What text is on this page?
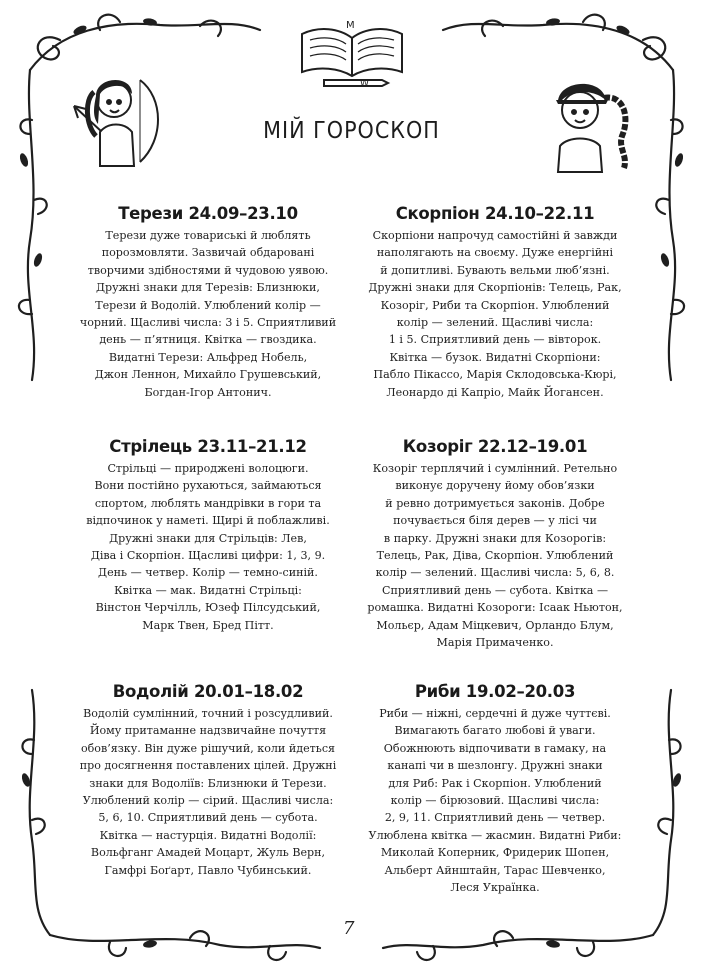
M
W
МІЙ ГОРОСКОП
Терези 24.09–23.10

Терези дуже товариські й люблять
порозмовляти. Зазвичай обдаровані
творчими здібностями й чудовою уявою.
Дружні знаки для Терезів: Близнюки,
Терези й Водолій. Улюблений колір —
чорний. Щасливі числа: 3 і 5. Сприятливий
день — п’ятниця. Квітка — гвоздика.
Видатні Терези: Альфред Нобель,
Джон Леннон, Михайло Грушевський,
Богдан-Ігор Антонич.

Скорпіон 24.10–22.11

Скорпіони напрочуд самостійні й завжди
наполягають на своєму. Дуже енергійні
й допитливі. Бувають вельми люб’язні.
Дружні знаки для Скорпіонів: Телець, Рак,
Козоріг, Риби та Скорпіон. Улюблений
колір — зелений. Щасливі числа:
1 і 5. Сприятливий день — вівторок.
Квітка — бузок. Видатні Скорпіони:
Пабло Пікассо, Марія Склодовська-Кюрі,
Леонардо ді Капріо, Майк Йогансен.

Стрілець 23.11–21.12

Стрільці — природжені волоцюги.
Вони постійно рухаються, займаються
спортом, люблять мандрівки в гори та
відпочинок у наметі. Щирі й поблажливі.
Дружні знаки для Стрільців: Лев,
Діва і Скорпіон. Щасливі цифри: 1, 3, 9.
День — четвер. Колір — темно-синій.
Квітка — мак. Видатні Стрільці:
Вінстон Черчілль, Юзеф Пілсудський,
Марк Твен, Бред Пітт.

Козоріг 22.12–19.01

Козоріг терплячий і сумлінний. Ретельно
виконує доручену йому обов’язки
й ревно дотримується законів. Добре
почувається біля дерев — у лісі чи
в парку. Дружні знаки для Козорогів:
Телець, Рак, Діва, Скорпіон. Улюблений
колір — зелений. Щасливі числа: 5, 6, 8.
Сприятливий день — субота. Квітка —
ромашка. Видатні Козороги: Ісаак Ньютон,
Мольєр, Адам Міцкевич, Орландо Блум,
Марія Примаченко.

Водолій 20.01–18.02

Водолій сумлінний, точний і розсудливий.
Йому притаманне надзвичайне почуття
обов’язку. Він дуже рішучий, коли йдеться
про досягнення поставлених цілей. Дружні
знаки для Водоліїв: Близнюки й Терези.
Улюблений колір — сірий. Щасливі числа:
5, 6, 10. Сприятливий день — субота.
Квітка — настурція. Видатні Водолії:
Вольфганг Амадей Моцарт, Жуль Верн,
Гамфрі Боґарт, Павло Чубинський.

Риби 19.02–20.03

Риби — ніжні, сердечні й дуже чуттєві.
Вимагають багато любові й уваги.
Обожнюють відпочивати в гамаку, на
канапі чи в шезлонгу. Дружні знаки
для Риб: Рак і Скорпіон. Улюблений
колір — бірюзовий. Щасливі числа:
2, 9, 11. Сприятливий день — четвер.
Улюблена квітка — жасмин. Видатні Риби:
Миколай Коперник, Фридерик Шопен,
Альберт Айнштайн, Тарас Шевченко,
Леся Українка.

7
